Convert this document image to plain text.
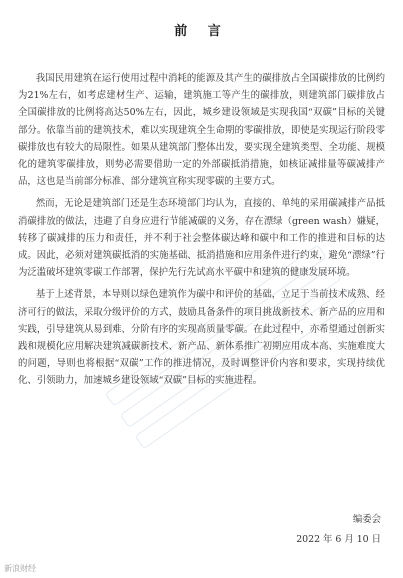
前 言

我国民用建筑在运行使用过程中消耗的能源及其产生的碳排放占全国碳排放的比例约为21%左右，如考虑建材生产、运输，建筑施工等产生的碳排放，则建筑部门碳排放占全国碳排放的比例将高达50%左右，因此，城乡建设领域是实现我国“双碳”目标的关键部分。依靠当前的建筑技术，难以实现建筑全生命期的零碳排放，即使是实现运行阶段零碳排放也有较大的局限性。如果从建筑部门整体出发，要实现全建筑类型、全功能、规模化的建筑零碳排放，则势必需要借助一定的外部碳抵消措施，如核证减排量等碳减排产品，这也是当前部分标准、部分建筑宣称实现零碳的主要方式。

然而，无论是建筑部门还是生态环境部门均认为，直接的、单纯的采用碳减排产品抵消碳排放的做法，违避了自身应进行节能减碳的义务，存在漂绿（green wash）嫌疑，转移了碳减排的压力和责任，并不利于社会整体碳达峰和碳中和工作的推进和目标的达成。因此，必须对建筑碳抵消的实施基础、抵消措施和应用条件进行约束，避免“漂绿”行为泛滥破坏建筑零碳工作部署，保护先行先试高水平碳中和建筑的健康发展环境。

基于上述背景，本导则以绿色建筑作为碳中和评价的基础，立足于当前技术成熟、经济可行的做法，采取分级评价的方式，鼓励具备条件的项目挑战新技术、新产品的应用和实践，引导建筑从易到难、分阶有序的实现高质量零碳。在此过程中，亦希望通过创新实践和规模化应用解决建筑减碳新技术、新产品、新体系推广初期应用成本高、实施难度大的问题，导则也将根据“双碳”工作的推进情况，及时调整评价内容和要求，实现持续优化、引领助力，加速城乡建设领域“双碳”目标的实施进程。

编委会
2022 年 6 月 10 日
新浪财经
